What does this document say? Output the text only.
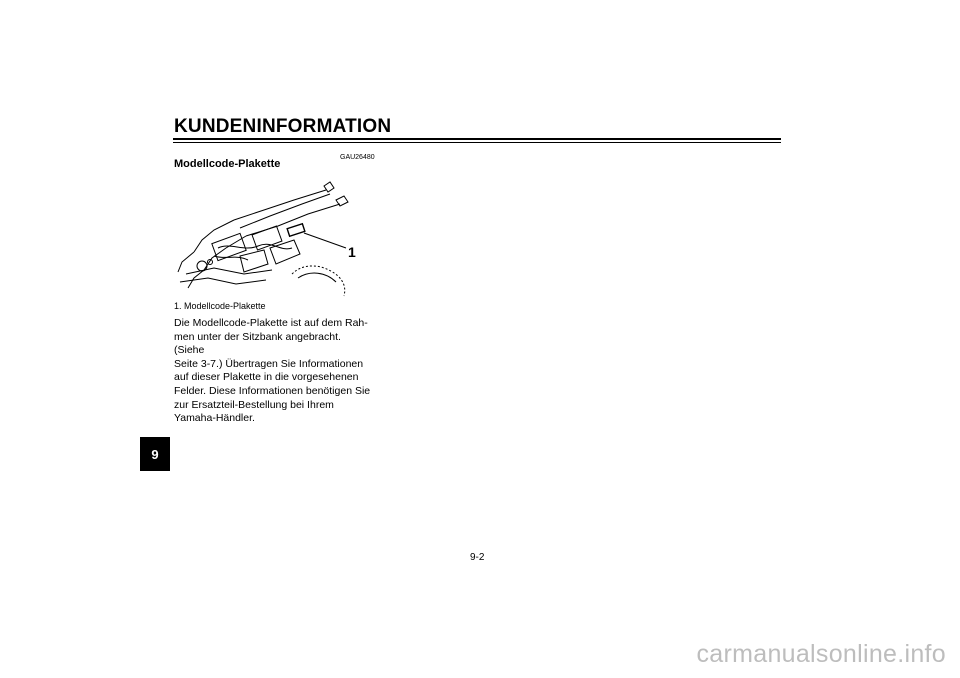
KUNDENINFORMATION
GAU26480
Modellcode-Plakette
1
1. Modellcode-Plakette
Die Modellcode-Plakette ist auf dem Rah-
men unter der Sitzbank angebracht. (Siehe
Seite 3-7.) Übertragen Sie Informationen
auf dieser Plakette in die vorgesehenen
Felder. Diese Informationen benötigen Sie
zur Ersatzteil-Bestellung bei Ihrem
Yamaha-Händler.
9
9-2
carmanualsonline.info
